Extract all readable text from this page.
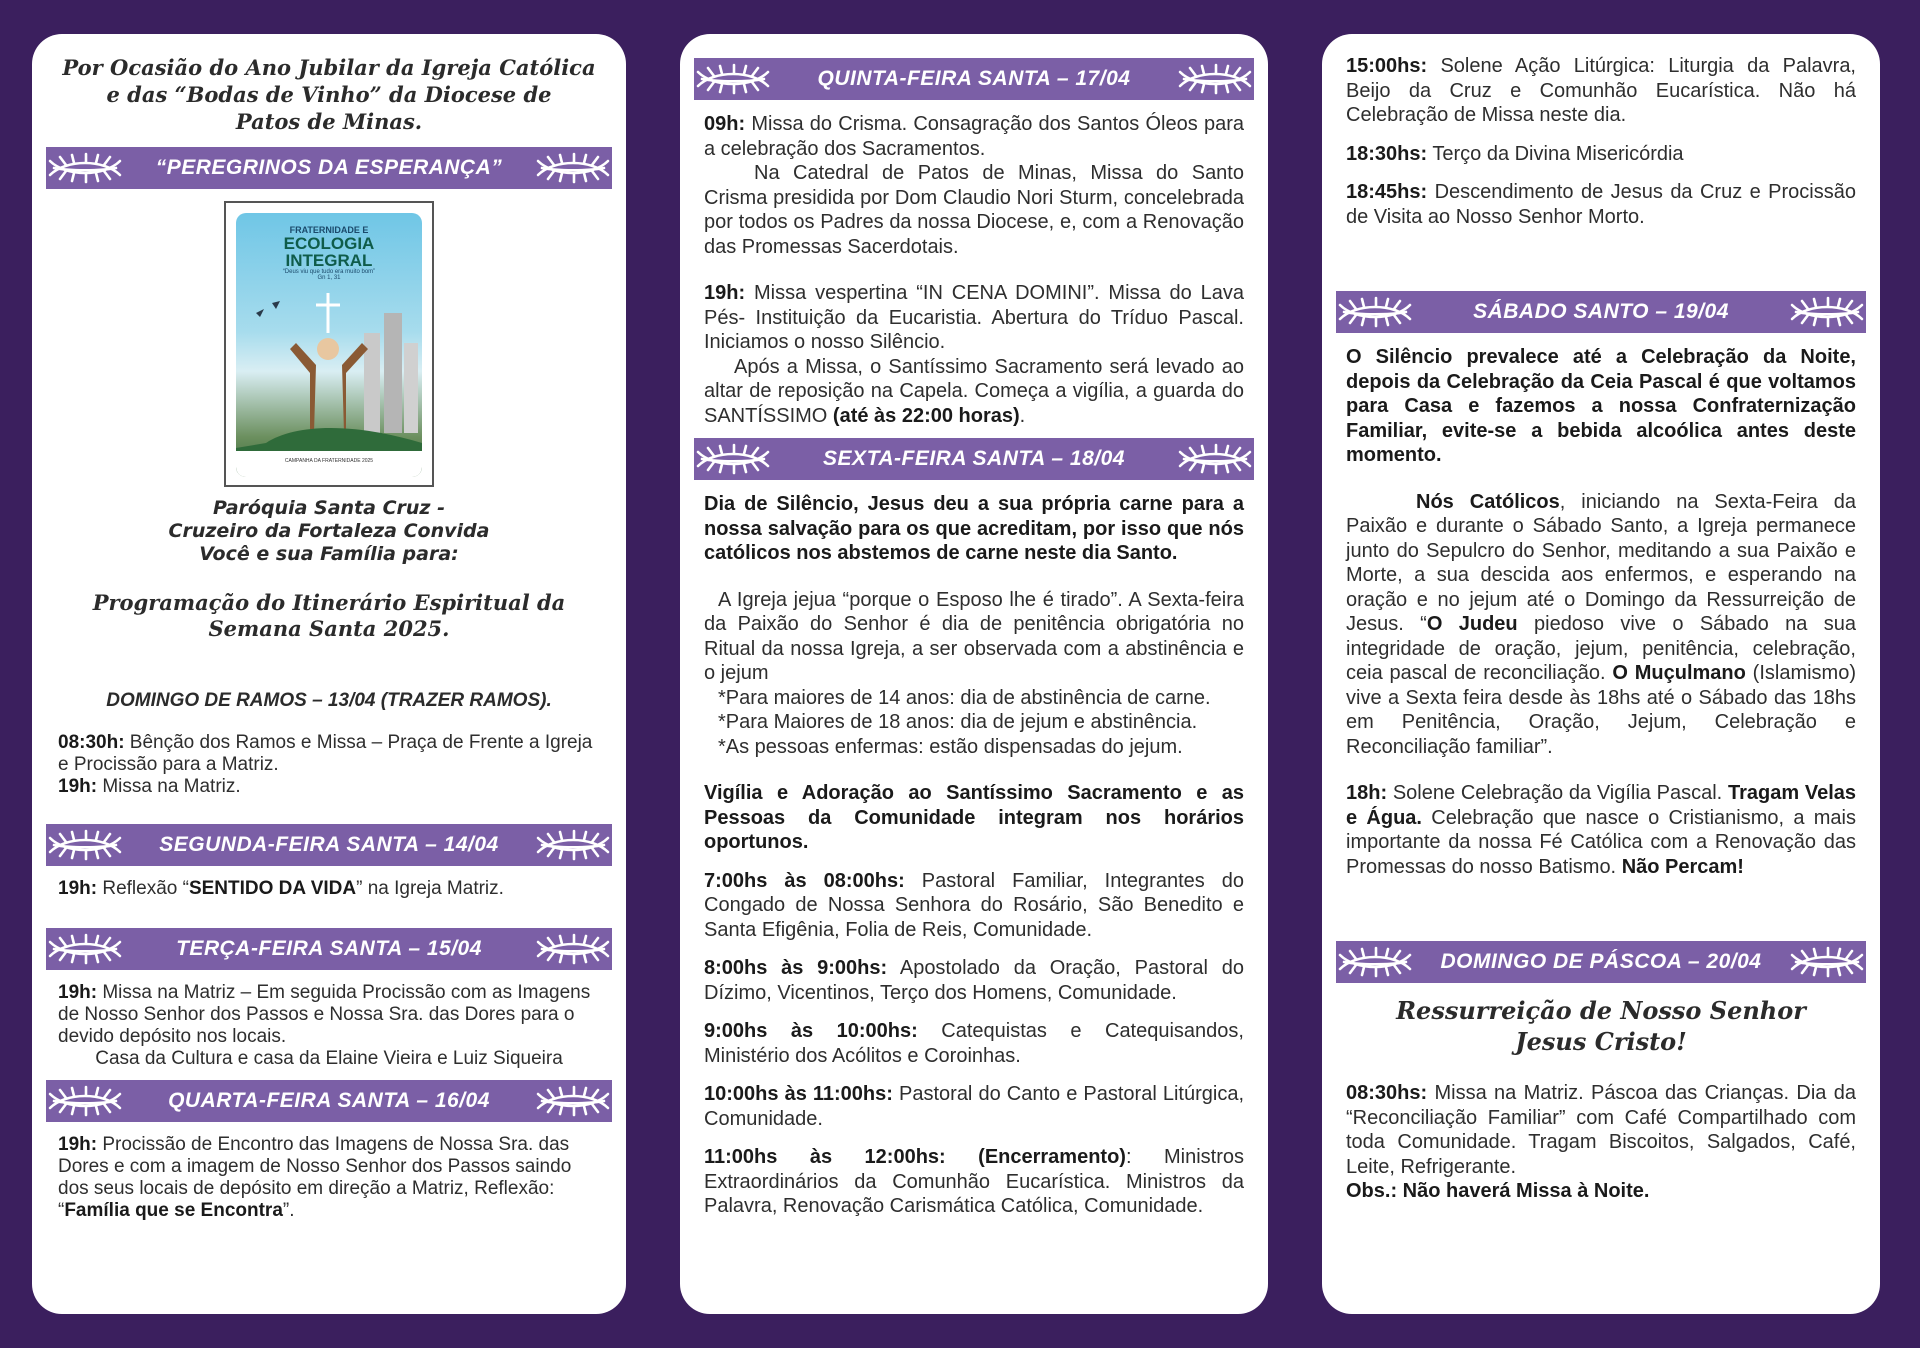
Por Ocasião do Ano Jubilar da Igreja Católica
e das “Bodas de Vinho” da Diocese de
Patos de Minas.
“PEREGRINOS DA ESPERANÇA”
FRATERNIDADE E
ECOLOGIA
INTEGRAL
“Deus viu que tudo era muito bom”
Gn 1, 31
CAMPANHA DA FRATERNIDADE 2025
Paróquia Santa Cruz -
Cruzeiro da Fortaleza Convida
Você e sua Família para:
Programação do Itinerário Espiritual da
Semana Santa 2025.
DOMINGO DE RAMOS – 13/04 (TRAZER RAMOS).
08:30h: Bênção dos Ramos e Missa – Praça de Frente a Igreja e Procissão para a Matriz.
19h: Missa na Matriz.
SEGUNDA-FEIRA SANTA – 14/04
19h: Reflexão “SENTIDO DA VIDA” na Igreja Matriz.
TERÇA-FEIRA SANTA – 15/04
19h: Missa na Matriz – Em seguida Procissão com as Imagens de Nosso Senhor dos Passos e Nossa Sra. das Dores para o devido depósito nos locais.
Casa da Cultura e casa da Elaine Vieira e Luiz Siqueira
QUARTA-FEIRA SANTA – 16/04
19h: Procissão de Encontro das Imagens de Nossa Sra. das Dores e com a imagem de Nosso Senhor dos Passos saindo dos seus locais de depósito em direção a Matriz, Reflexão: “Família que se Encontra”.
QUINTA-FEIRA SANTA – 17/04

09h: Missa do Crisma. Consagração dos Santos Óleos para a celebração dos Sacramentos.

Na Catedral de Patos de Minas, Missa do Santo Crisma presidida por Dom Claudio Nori Sturm, concelebrada por todos os Padres da nossa Diocese, e, com a Renovação das Promessas Sacerdotais.

19h: Missa vespertina “IN CENA DOMINI”. Missa do Lava Pés- Instituição da Eucaristia. Abertura do Tríduo Pascal. Iniciamos o nosso Silêncio.

Após a Missa, o Santíssimo Sacramento será levado ao altar de reposição na Capela. Começa a vigília, a guarda do SANTÍSSIMO (até às 22:00 horas).

SEXTA-FEIRA SANTA – 18/04

Dia de Silêncio, Jesus deu a sua própria carne para a nossa salvação para os que acreditam, por isso que nós católicos nos abstemos de carne neste dia Santo.

A Igreja jejua “porque o Esposo lhe é tirado”. A Sexta-feira da Paixão do Senhor é dia de penitência obrigatória no Ritual da nossa Igreja, a ser observada com a abstinência e o jejum

*Para maiores de 14 anos: dia de abstinência de carne.

*Para Maiores de 18 anos: dia de jejum e abstinência.

*As pessoas enfermas: estão dispensadas do jejum.

Vigília e Adoração ao Santíssimo Sacramento e as Pessoas da Comunidade integram nos horários oportunos.

7:00hs às 08:00hs: Pastoral Familiar, Integrantes do Congado de Nossa Senhora do Rosário, São Benedito e Santa Efigênia, Folia de Reis, Comunidade.

8:00hs às 9:00hs: Apostolado da Oração, Pastoral do Dízimo, Vicentinos, Terço dos Homens, Comunidade.

9:00hs às 10:00hs: Catequistas e Catequisandos, Ministério dos Acólitos e Coroinhas.

10:00hs às 11:00hs: Pastoral do Canto e Pastoral Litúrgica, Comunidade.

11:00hs às 12:00hs: (Encerramento): Ministros Extraordinários da Comunhão Eucarística. Ministros da Palavra, Renovação Carismática Católica, Comunidade.

15:00hs: Solene Ação Litúrgica: Liturgia da Palavra, Beijo da Cruz e Comunhão Eucarística. Não há Celebração de Missa neste dia.

18:30hs: Terço da Divina Misericórdia

18:45hs: Descendimento de Jesus da Cruz e Procissão de Visita ao Nosso Senhor Morto.

SÁBADO SANTO – 19/04

O Silêncio prevalece até a Celebração da Noite, depois da Celebração da Ceia Pascal é que voltamos para Casa e fazemos a nossa Confraternização Familiar, evite-se a bebida alcoólica antes deste momento.

Nós Católicos, iniciando na Sexta-Feira da Paixão e durante o Sábado Santo, a Igreja permanece junto do Sepulcro do Senhor, meditando a sua Paixão e Morte, a sua descida aos enfermos, e esperando na oração e no jejum até o Domingo da Ressurreição de Jesus. “O Judeu piedoso vive o Sábado na sua integridade de oração, jejum, penitência, celebração, ceia pascal de reconciliação. O Muçulmano (Islamismo) vive a Sexta feira desde às 18hs até o Sábado das 18hs em Penitência, Oração, Jejum, Celebração e Reconciliação familiar”.

18h: Solene Celebração da Vigília Pascal. Tragam Velas e Água. Celebração que nasce o Cristianismo, a mais importante da nossa Fé Católica com a Renovação das Promessas do nosso Batismo. Não Percam!

DOMINGO DE PÁSCOA – 20/04
Ressurreição de Nosso Senhor
Jesus Cristo!

08:30hs: Missa na Matriz. Páscoa das Crianças. Dia da “Reconciliação Familiar” com Café Compartilhado com toda Comunidade. Tragam Biscoitos, Salgados, Café, Leite, Refrigerante.

Obs.: Não haverá Missa à Noite.
